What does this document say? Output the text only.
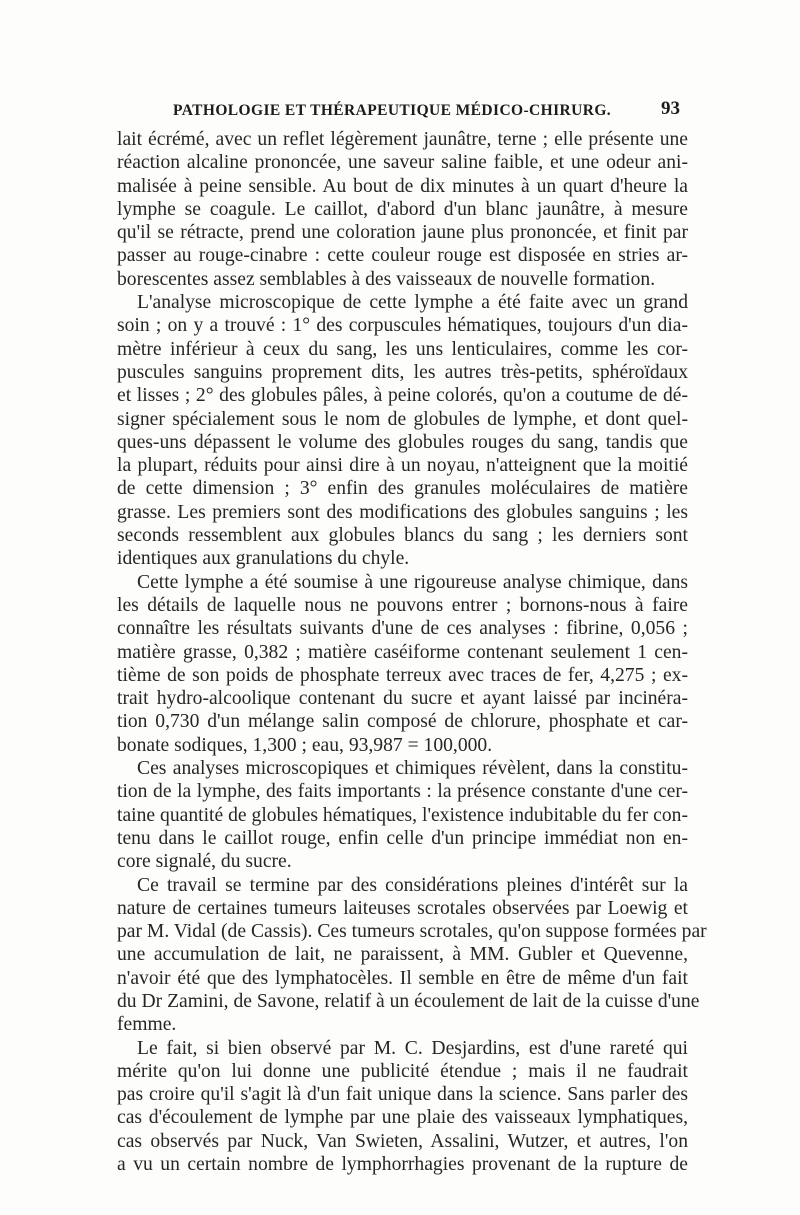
PATHOLOGIE ET THÉRAPEUTIQUE MÉDICO-CHIRURG.	93
lait écrémé, avec un reflet légèrement jaunâtre, terne ; elle présente une
réaction alcaline prononcée, une saveur saline faible, et une odeur ani-
malisée à peine sensible. Au bout de dix minutes à un quart d'heure la
lymphe se coagule. Le caillot, d'abord d'un blanc jaunâtre, à mesure
qu'il se rétracte, prend une coloration jaune plus prononcée, et finit par
passer au rouge-cinabre : cette couleur rouge est disposée en stries ar-
borescentes assez semblables à des vaisseaux de nouvelle formation.
L'analyse microscopique de cette lymphe a été faite avec un grand
soin ; on y a trouvé : 1° des corpuscules hématiques, toujours d'un dia-
mètre inférieur à ceux du sang, les uns lenticulaires, comme les cor-
puscules sanguins proprement dits, les autres très-petits, sphéroïdaux
et lisses ; 2° des globules pâles, à peine colorés, qu'on a coutume de dé-
signer spécialement sous le nom de globules de lymphe, et dont quel-
ques-uns dépassent le volume des globules rouges du sang, tandis que
la plupart, réduits pour ainsi dire à un noyau, n'atteignent que la moitié
de cette dimension ; 3° enfin des granules moléculaires de matière
grasse. Les premiers sont des modifications des globules sanguins ; les
seconds ressemblent aux globules blancs du sang ; les derniers sont
identiques aux granulations du chyle.
Cette lymphe a été soumise à une rigoureuse analyse chimique, dans
les détails de laquelle nous ne pouvons entrer ; bornons-nous à faire
connaître les résultats suivants d'une de ces analyses : fibrine, 0,056 ;
matière grasse, 0,382 ; matière caséiforme contenant seulement 1 cen-
tième de son poids de phosphate terreux avec traces de fer, 4,275 ; ex-
trait hydro-alcoolique contenant du sucre et ayant laissé par incinéra-
tion 0,730 d'un mélange salin composé de chlorure, phosphate et car-
bonate sodiques, 1,300 ; eau, 93,987 = 100,000.
Ces analyses microscopiques et chimiques révèlent, dans la constitu-
tion de la lymphe, des faits importants : la présence constante d'une cer-
taine quantité de globules hématiques, l'existence indubitable du fer con-
tenu dans le caillot rouge, enfin celle d'un principe immédiat non en-
core signalé, du sucre.
Ce travail se termine par des considérations pleines d'intérêt sur la
nature de certaines tumeurs laiteuses scrotales observées par Loewig et
par M. Vidal (de Cassis). Ces tumeurs scrotales, qu'on suppose formées par
une accumulation de lait, ne paraissent, à MM. Gubler et Quevenne,
n'avoir été que des lymphatocèles. Il semble en être de même d'un fait
du Dr Zamini, de Savone, relatif à un écoulement de lait de la cuisse d'une
femme.
Le fait, si bien observé par M. C. Desjardins, est d'une rareté qui
mérite qu'on lui donne une publicité étendue ; mais il ne faudrait
pas croire qu'il s'agit là d'un fait unique dans la science. Sans parler des
cas d'écoulement de lymphe par une plaie des vaisseaux lymphatiques,
cas observés par Nuck, Van Swieten, Assalini, Wutzer, et autres, l'on
a vu un certain nombre de lymphorrhagies provenant de la rupture de
